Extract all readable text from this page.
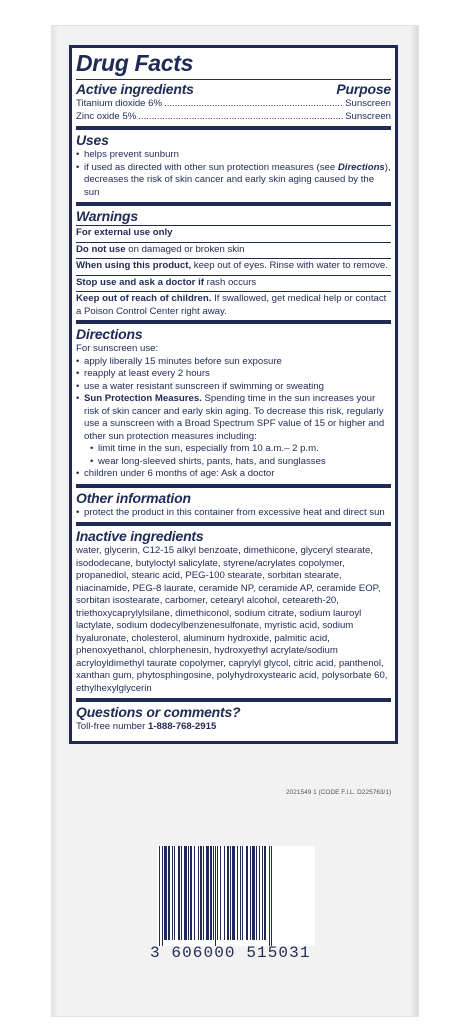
Drug Facts
Active ingredients	Purpose
Titanium dioxide 6% .....	Sunscreen
Zinc oxide 5% .....	Sunscreen
Uses
• helps prevent sunburn
• if used as directed with other sun protection measures (see Directions), decreases the risk of skin cancer and early skin aging caused by the sun
Warnings

For external use only

Do not use on damaged or broken skin

When using this product, keep out of eyes. Rinse with water to remove.

Stop use and ask a doctor if rash occurs

Keep out of reach of children. If swallowed, get medical help or contact a Poison Control Center right away.

Directions

For sunscreen use:

• apply liberally 15 minutes before sun exposure
• reapply at least every 2 hours
• use a water resistant sunscreen if swimming or sweating
• Sun Protection Measures. Spending time in the sun increases your risk of skin cancer and early skin aging. To decrease this risk, regularly use a sunscreen with a Broad Spectrum SPF value of 15 or higher and other sun protection measures including:
• limit time in the sun, especially from 10 a.m.– 2 p.m.
• wear long-sleeved shirts, pants, hats, and sunglasses
• children under 6 months of age: Ask a doctor
Other information
• protect the product in this container from excessive heat and direct sun
Inactive ingredients

water, glycerin, C12-15 alkyl benzoate, dimethicone, glyceryl stearate, isododecane, butyloctyl salicylate, styrene/acrylates copolymer, propanediol, stearic acid, PEG-100 stearate, sorbitan stearate, niacinamide, PEG-8 laurate, ceramide NP, ceramide AP, ceramide EOP, sorbitan isostearate, carbomer, cetearyl alcohol, ceteareth-20, triethoxycaprylylsilane, dimethiconol, sodium citrate, sodium lauroyl lactylate, sodium dodecylbenzenesulfonate, myristic acid, sodium hyaluronate, cholesterol, aluminum hydroxide, palmitic acid, phenoxyethanol, chlorphenesin, hydroxyethyl acrylate/sodium acryloyldimethyl taurate copolymer, caprylyl glycol, citric acid, panthenol, xanthan gum, phytosphingosine, polyhydroxystearic acid, polysorbate 60, ethylhexylglycerin

Questions or comments?

Toll-free number 1-888-768-2915

2021549 1 (CODE F.I.L. D225763/1)
3 606000 515031
